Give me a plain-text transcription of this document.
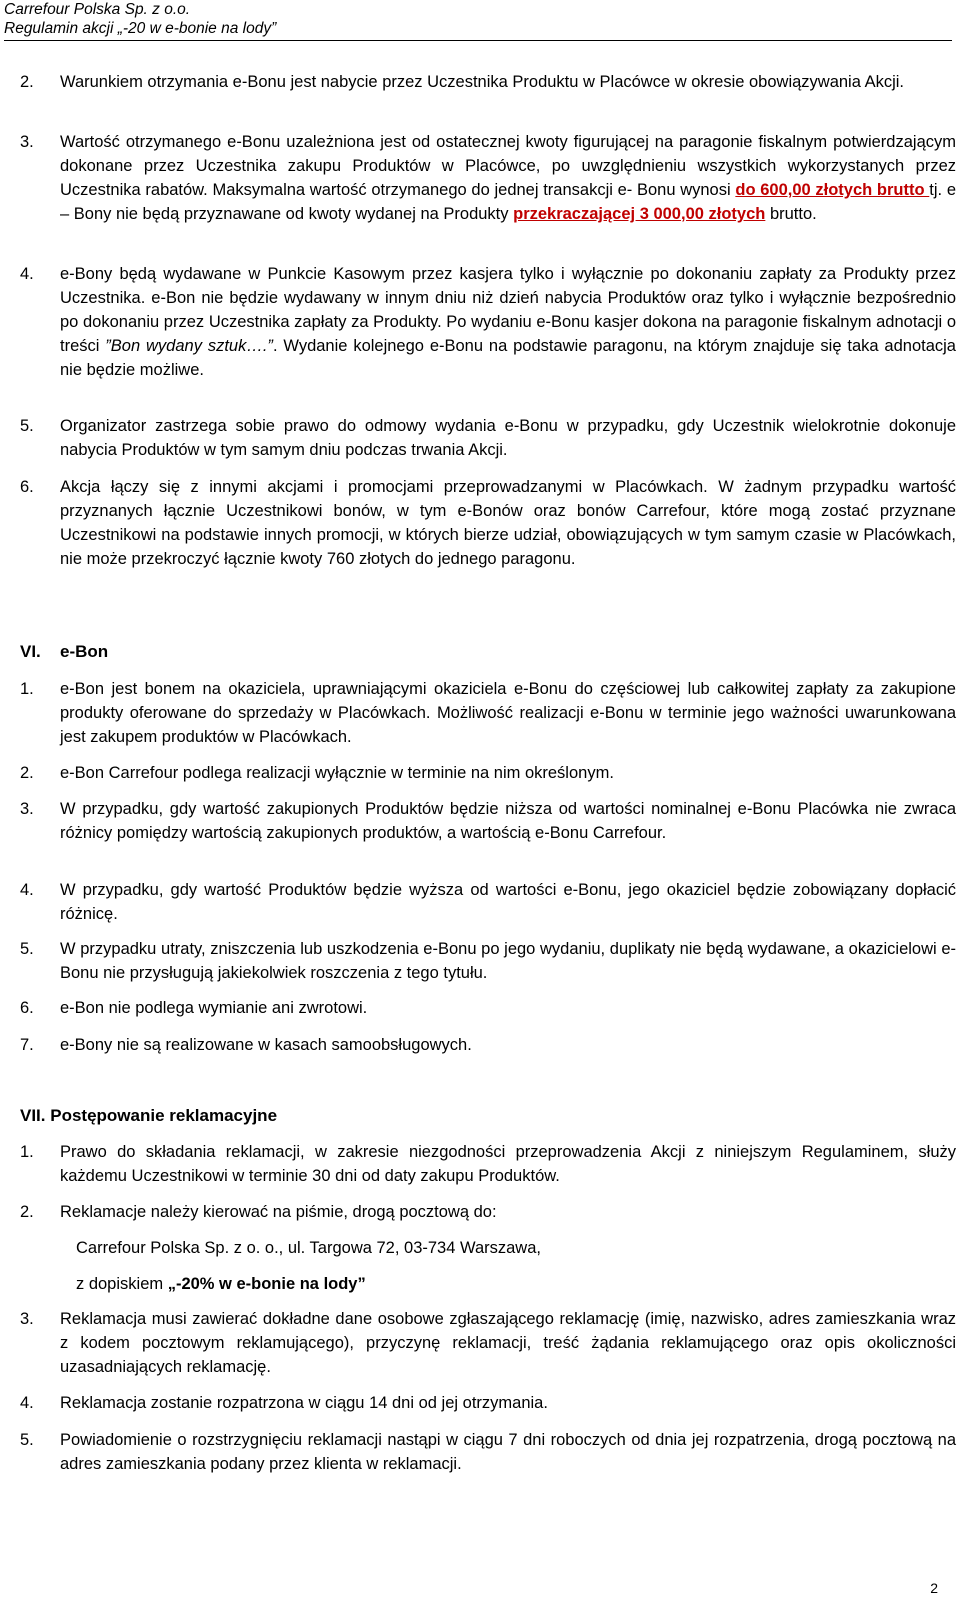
Carrefour Polska Sp. z o.o.
Regulamin akcji „-20 w e-bonie na lody”
2.	Warunkiem otrzymania e-Bonu jest nabycie przez Uczestnika Produktu w Placówce w okresie obowiązywania Akcji.
3.	Wartość otrzymanego e-Bonu uzależniona jest od ostatecznej kwoty figurującej na paragonie fiskalnym potwierdzającym dokonane przez Uczestnika zakupu Produktów w Placówce, po uwzględnieniu wszystkich wykorzystanych przez Uczestnika rabatów. Maksymalna wartość otrzymanego do jednej transakcji e- Bonu wynosi do 600,00 złotych brutto tj. e – Bony nie będą przyznawane od kwoty wydanej na Produkty przekraczającej 3 000,00 złotych brutto.
4.	e-Bony będą wydawane w Punkcie Kasowym przez kasjera tylko i wyłącznie po dokonaniu zapłaty za Produkty przez Uczestnika. e-Bon nie będzie wydawany w innym dniu niż dzień nabycia Produktów oraz tylko i wyłącznie bezpośrednio po dokonaniu przez Uczestnika zapłaty za Produkty. Po wydaniu e-Bonu kasjer dokona na paragonie fiskalnym adnotacji o treści ”Bon wydany sztuk….”. Wydanie kolejnego e-Bonu na podstawie paragonu, na którym znajduje się taka adnotacja nie będzie możliwe.
5.	Organizator zastrzega sobie prawo do odmowy wydania e-Bonu w przypadku, gdy Uczestnik wielokrotnie dokonuje nabycia Produktów w tym samym dniu podczas trwania Akcji.
6.	Akcja łączy się z innymi akcjami i promocjami przeprowadzanymi w Placówkach. W żadnym przypadku wartość przyznanych łącznie Uczestnikowi bonów, w tym e-Bonów oraz bonów Carrefour, które mogą zostać przyznane Uczestnikowi na podstawie innych promocji, w których bierze udział, obowiązujących w tym samym czasie w Placówkach, nie może przekroczyć łącznie kwoty 760 złotych do jednego paragonu.
VI. e-Bon
1.	e-Bon jest bonem na okaziciela, uprawniającymi okaziciela e-Bonu do częściowej lub całkowitej zapłaty za zakupione produkty oferowane do sprzedaży w Placówkach. Możliwość realizacji e-Bonu w terminie jego ważności uwarunkowana jest zakupem produktów w Placówkach.
2.	e-Bon Carrefour podlega realizacji wyłącznie w terminie na nim określonym.
3.	W przypadku, gdy wartość zakupionych Produktów będzie niższa od wartości nominalnej e-Bonu Placówka nie zwraca różnicy pomiędzy wartością zakupionych produktów, a wartością e-Bonu Carrefour.
4.	W przypadku, gdy wartość Produktów będzie wyższa od wartości e-Bonu, jego okaziciel będzie zobowiązany dopłacić różnicę.
5.	W przypadku utraty, zniszczenia lub uszkodzenia e-Bonu po jego wydaniu, duplikaty nie będą wydawane, a okazicielowi e-Bonu nie przysługują jakiekolwiek roszczenia z tego tytułu.
6.	e-Bon nie podlega wymianie ani zwrotowi.
7.	e-Bony nie są realizowane w kasach samoobsługowych.
VII. Postępowanie reklamacyjne
1.	Prawo do składania reklamacji, w zakresie niezgodności przeprowadzenia Akcji z niniejszym Regulaminem, służy każdemu Uczestnikowi w terminie 30 dni od daty zakupu Produktów.
2.	Reklamacje należy kierować na piśmie, drogą pocztową do:
Carrefour Polska Sp. z o. o., ul. Targowa 72, 03-734 Warszawa,
z dopiskiem „-20% w e-bonie na lody”
3.	Reklamacja musi zawierać dokładne dane osobowe zgłaszającego reklamację (imię, nazwisko, adres zamieszkania wraz z kodem pocztowym reklamującego), przyczynę reklamacji, treść żądania reklamującego oraz opis okoliczności uzasadniających reklamację.
4.	Reklamacja zostanie rozpatrzona w ciągu 14 dni od jej otrzymania.
5.	Powiadomienie o rozstrzygnięciu reklamacji nastąpi w ciągu 7 dni roboczych od dnia jej rozpatrzenia, drogą pocztową na adres zamieszkania podany przez klienta w reklamacji.
2
